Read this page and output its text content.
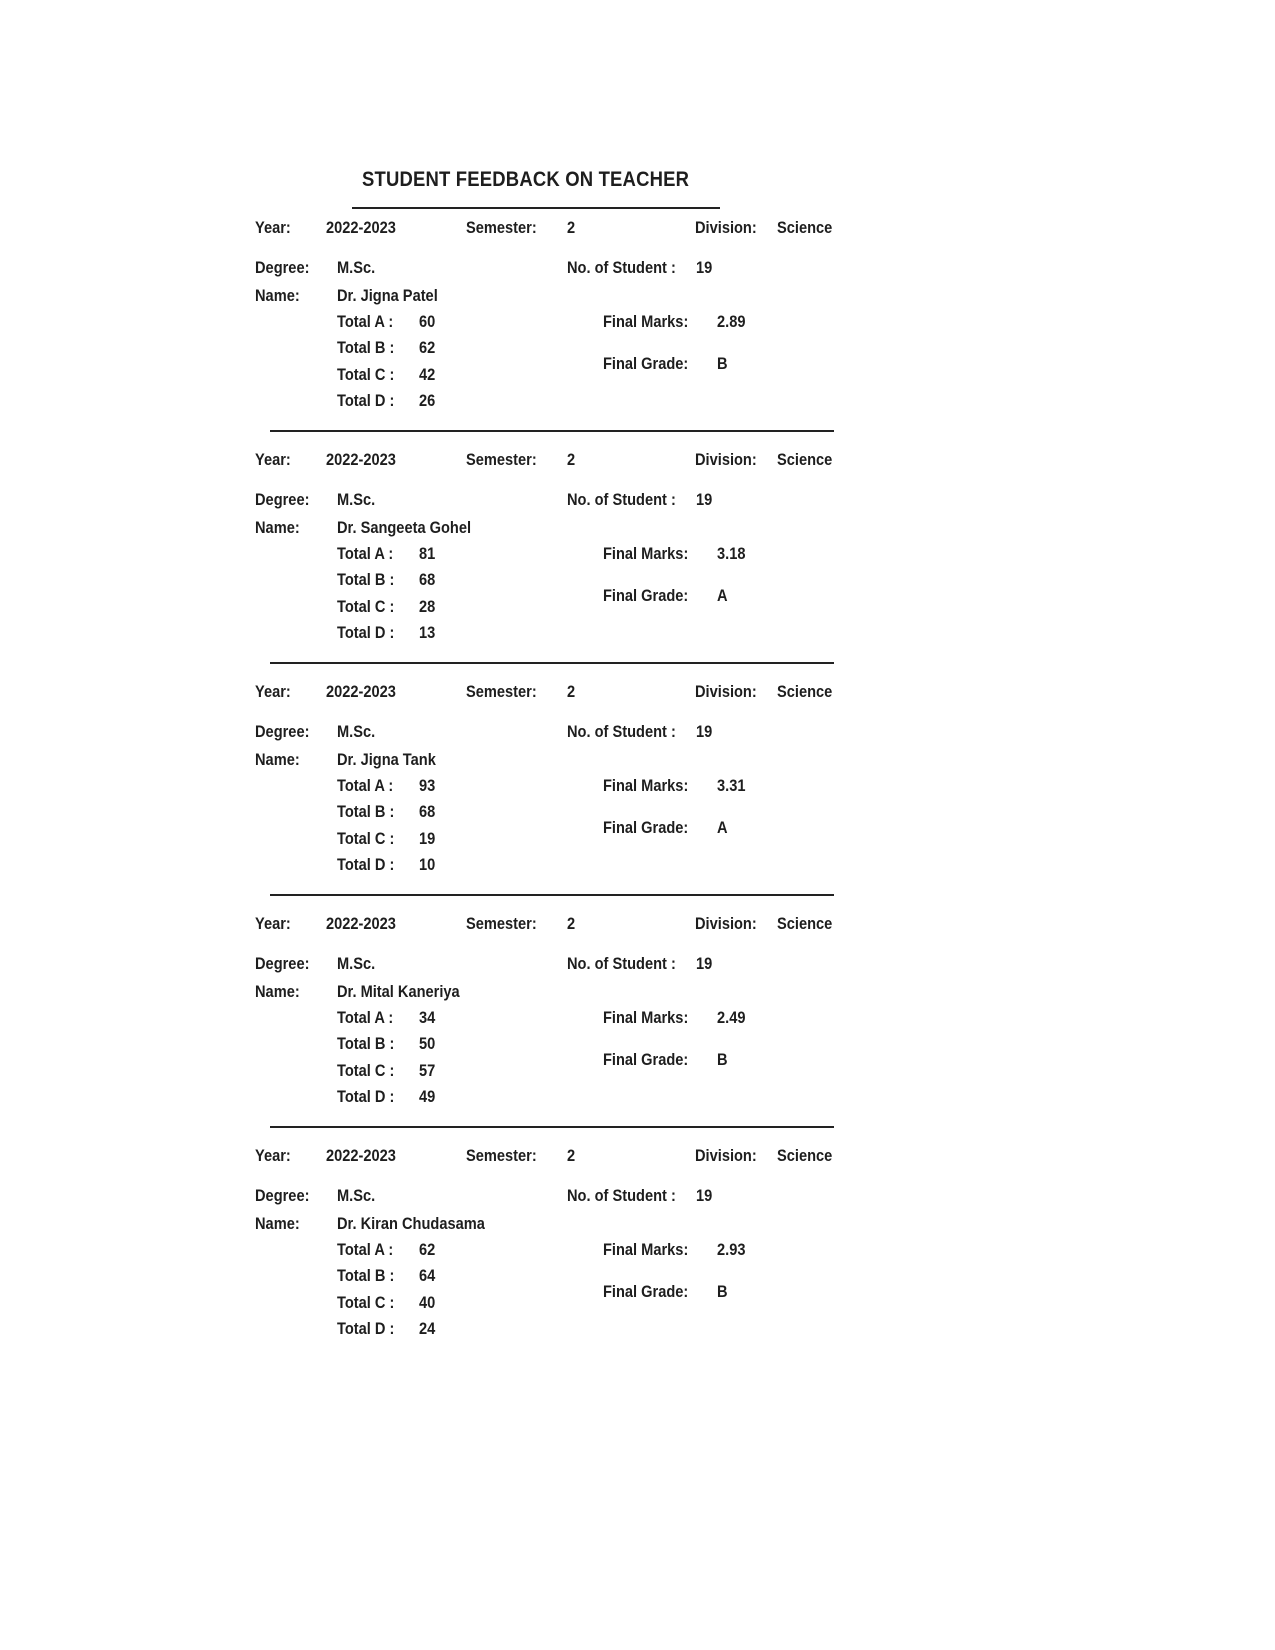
STUDENT FEEDBACK ON TEACHER
Year: 2022-2023	Semester: 2	Division: Science
Degree: M.Sc.	No. of Student : 19
Name: Dr. Jigna Patel
Total A : 60
Total B : 62
Total C : 42
Total D : 26
Final Marks: 2.89
Final Grade: B
Year: 2022-2023	Semester: 2	Division: Science
Degree: M.Sc.	No. of Student : 19
Name: Dr. Sangeeta Gohel
Total A : 81
Total B : 68
Total C : 28
Total D : 13
Final Marks: 3.18
Final Grade: A
Year: 2022-2023	Semester: 2	Division: Science
Degree: M.Sc.	No. of Student : 19
Name: Dr. Jigna Tank
Total A : 93
Total B : 68
Total C : 19
Total D : 10
Final Marks: 3.31
Final Grade: A
Year: 2022-2023	Semester: 2	Division: Science
Degree: M.Sc.	No. of Student : 19
Name: Dr. Mital Kaneriya
Total A : 34
Total B : 50
Total C : 57
Total D : 49
Final Marks: 2.49
Final Grade: B
Year: 2022-2023	Semester: 2	Division: Science
Degree: M.Sc.	No. of Student : 19
Name: Dr. Kiran Chudasama
Total A : 62
Total B : 64
Total C : 40
Total D : 24
Final Marks: 2.93
Final Grade: B
